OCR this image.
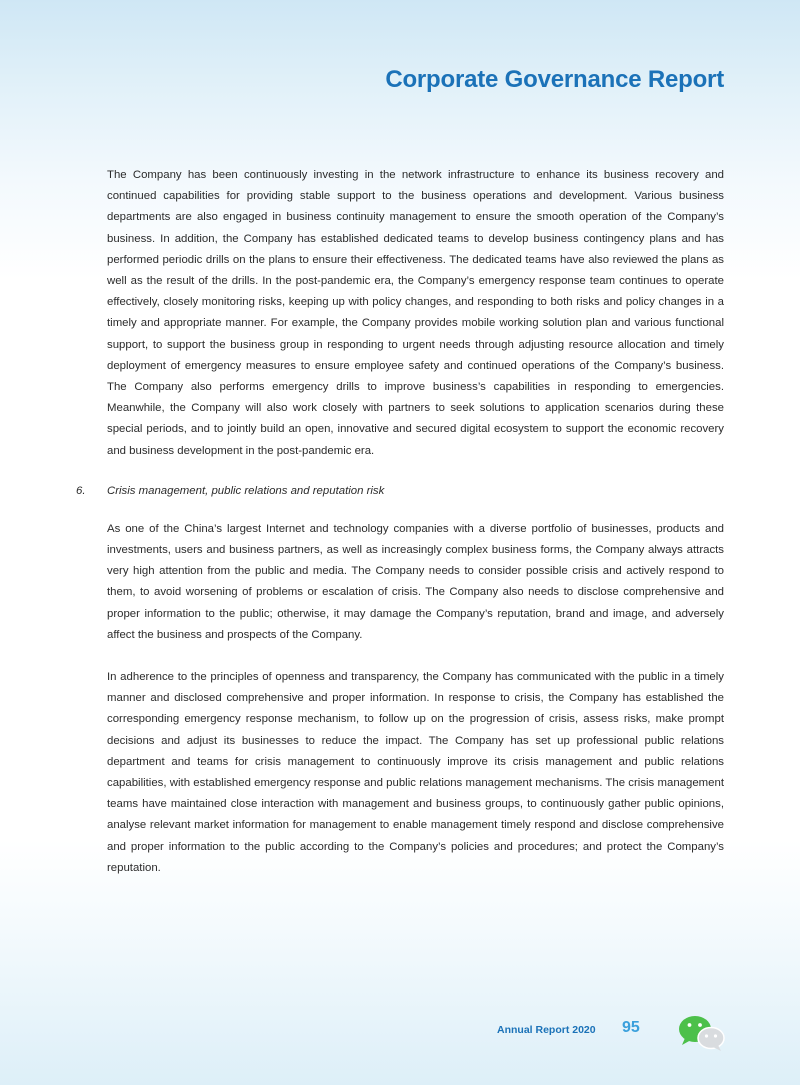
Corporate Governance Report

The Company has been continuously investing in the network infrastructure to enhance its business recovery and continued capabilities for providing stable support to the business operations and development. Various business departments are also engaged in business continuity management to ensure the smooth operation of the Company’s business. In addition, the Company has established dedicated teams to develop business contingency plans and has performed periodic drills on the plans to ensure their effectiveness. The dedicated teams have also reviewed the plans as well as the result of the drills. In the post-pandemic era, the Company’s emergency response team continues to operate effectively, closely monitoring risks, keeping up with policy changes, and responding to both risks and policy changes in a timely and appropriate manner. For example, the Company provides mobile working solution plan and various functional support, to support the business group in responding to urgent needs through adjusting resource allocation and timely deployment of emergency measures to ensure employee safety and continued operations of the Company’s business. The Company also performs emergency drills to improve business’s capabilities in responding to emergencies. Meanwhile, the Company will also work closely with partners to seek solutions to application scenarios during these special periods, and to jointly build an open, innovative and secured digital ecosystem to support the economic recovery and business development in the post-pandemic era.

6.	Crisis management, public relations and reputation risk

As one of the China’s largest Internet and technology companies with a diverse portfolio of businesses, products and investments, users and business partners, as well as increasingly complex business forms, the Company always attracts very high attention from the public and media. The Company needs to consider possible crisis and actively respond to them, to avoid worsening of problems or escalation of crisis. The Company also needs to disclose comprehensive and proper information to the public; otherwise, it may damage the Company’s reputation, brand and image, and adversely affect the business and prospects of the Company.

In adherence to the principles of openness and transparency, the Company has communicated with the public in a timely manner and disclosed comprehensive and proper information. In response to crisis, the Company has established the corresponding emergency response mechanism, to follow up on the progression of crisis, assess risks, make prompt decisions and adjust its businesses to reduce the impact. The Company has set up professional public relations department and teams for crisis management to continuously improve its crisis management and public relations capabilities, with established emergency response and public relations management mechanisms. The crisis management teams have maintained close interaction with management and business groups, to continuously gather public opinions, analyse relevant market information for management to enable management timely respond and disclose comprehensive and proper information to the public according to the Company’s policies and procedures; and protect the Company’s reputation.

Annual Report 2020 95
